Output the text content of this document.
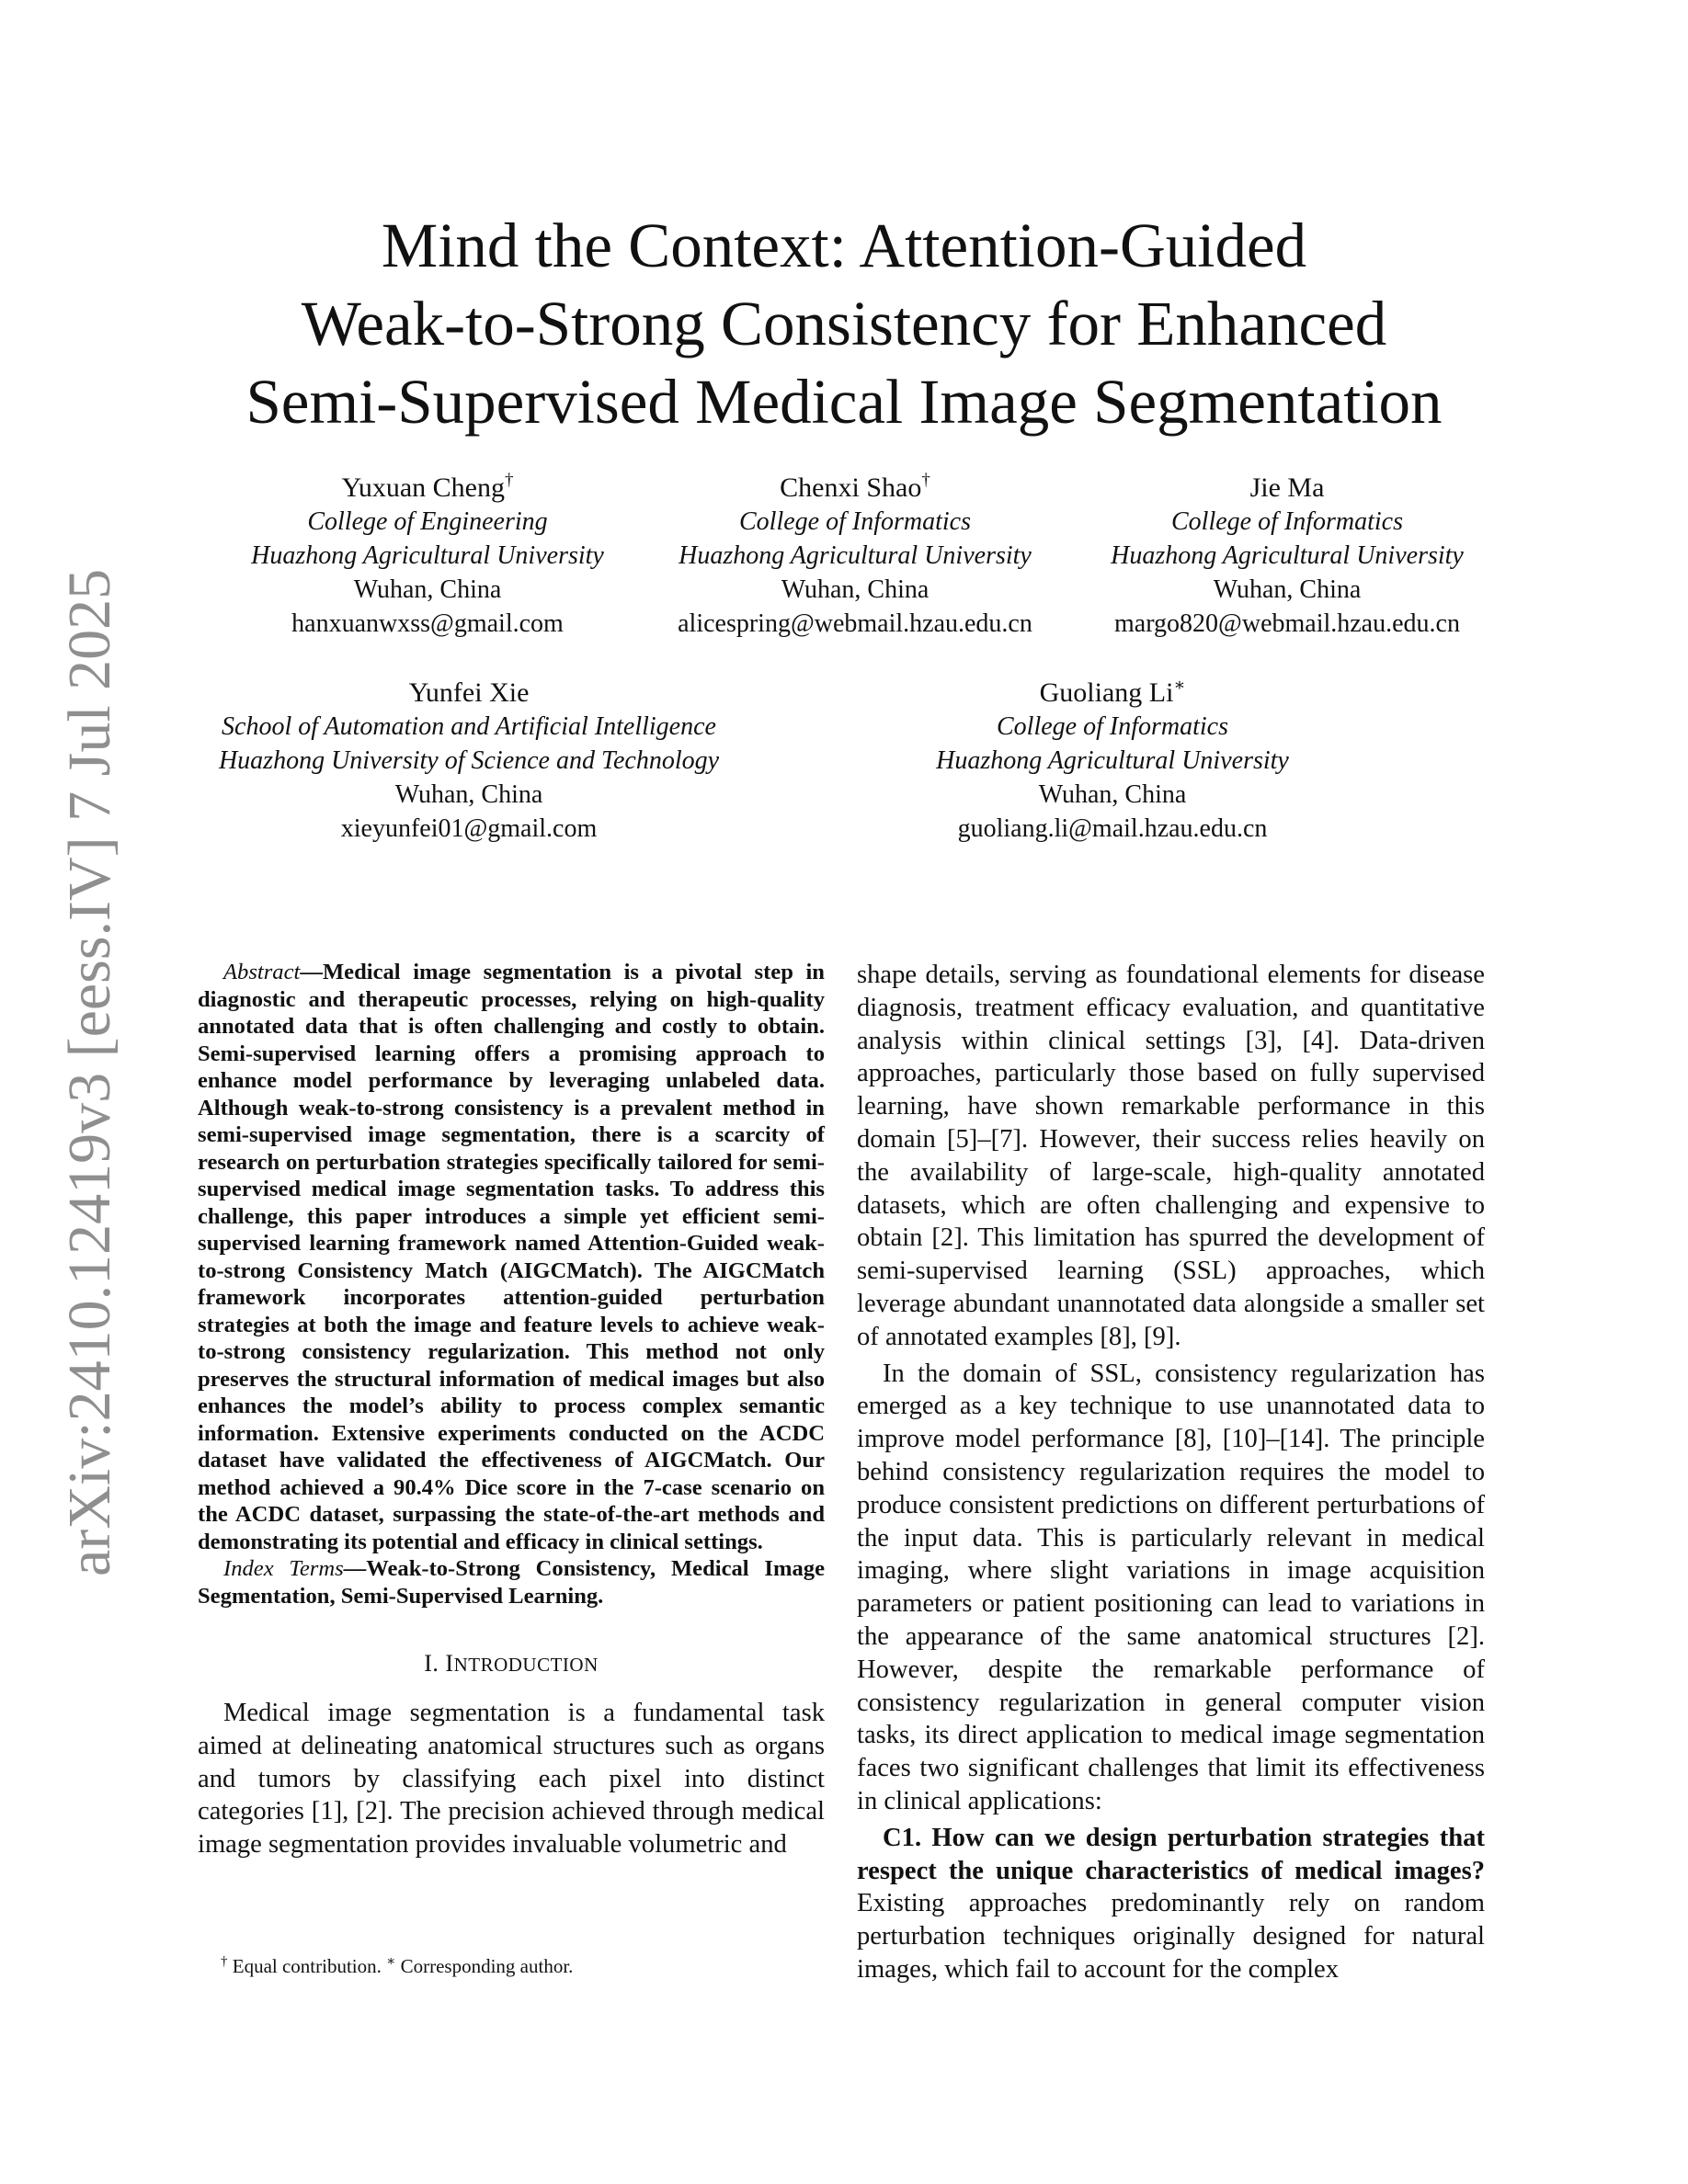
arXiv:2410.12419v3 [eess.IV] 7 Jul 2025
Mind the Context: Attention-Guided
Weak-to-Strong Consistency for Enhanced
Semi-Supervised Medical Image Segmentation
Yuxuan Cheng†
College of Engineering
Huazhong Agricultural University
Wuhan, China
hanxuanwxss@gmail.com
Chenxi Shao†
College of Informatics
Huazhong Agricultural University
Wuhan, China
alicespring@webmail.hzau.edu.cn
Jie Ma
College of Informatics
Huazhong Agricultural University
Wuhan, China
margo820@webmail.hzau.edu.cn
Yunfei Xie
School of Automation and Artificial Intelligence
Huazhong University of Science and Technology
Wuhan, China
xieyunfei01@gmail.com
Guoliang Li∗
College of Informatics
Huazhong Agricultural University
Wuhan, China
guoliang.li@mail.hzau.edu.cn

Abstract—Medical image segmentation is a pivotal step in diagnostic and therapeutic processes, relying on high-quality annotated data that is often challenging and costly to obtain. Semi-supervised learning offers a promising approach to enhance model performance by leveraging unlabeled data. Although weak-to-strong consistency is a prevalent method in semi-supervised image segmentation, there is a scarcity of research on perturbation strategies specifically tailored for semi-supervised medical image segmentation tasks. To address this challenge, this paper introduces a simple yet efficient semi-supervised learning framework named Attention-Guided weak-to-strong Consistency Match (AIGCMatch). The AIGCMatch framework incorporates attention-guided perturbation strategies at both the image and feature levels to achieve weak-to-strong consistency regularization. This method not only preserves the structural information of medical images but also enhances the model’s ability to process complex semantic information. Extensive experiments conducted on the ACDC dataset have validated the effectiveness of AIGCMatch. Our method achieved a 90.4% Dice score in the 7-case scenario on the ACDC dataset, surpassing the state-of-the-art methods and demonstrating its potential and efficacy in clinical settings.

Index Terms—Weak-to-Strong Consistency, Medical Image Segmentation, Semi-Supervised Learning.

I. INTRODUCTION

Medical image segmentation is a fundamental task aimed at delineating anatomical structures such as organs and tumors by classifying each pixel into distinct categories [1], [2]. The precision achieved through medical image segmentation provides invaluable volumetric and

shape details, serving as foundational elements for disease diagnosis, treatment efficacy evaluation, and quantitative analysis within clinical settings [3], [4]. Data-driven approaches, particularly those based on fully supervised learning, have shown remarkable performance in this domain [5]–[7]. However, their success relies heavily on the availability of large-scale, high-quality annotated datasets, which are often challenging and expensive to obtain [2]. This limitation has spurred the development of semi-supervised learning (SSL) approaches, which leverage abundant unannotated data alongside a smaller set of annotated examples [8], [9].

In the domain of SSL, consistency regularization has emerged as a key technique to use unannotated data to improve model performance [8], [10]–[14]. The principle behind consistency regularization requires the model to produce consistent predictions on different perturbations of the input data. This is particularly relevant in medical imaging, where slight variations in image acquisition parameters or patient positioning can lead to variations in the appearance of the same anatomical structures [2]. However, despite the remarkable performance of consistency regularization in general computer vision tasks, its direct application to medical image segmentation faces two significant challenges that limit its effectiveness in clinical applications:

C1. How can we design perturbation strategies that respect the unique characteristics of medical images? Existing approaches predominantly rely on random perturbation techniques originally designed for natural images, which fail to account for the complex

† Equal contribution. ∗ Corresponding author.
